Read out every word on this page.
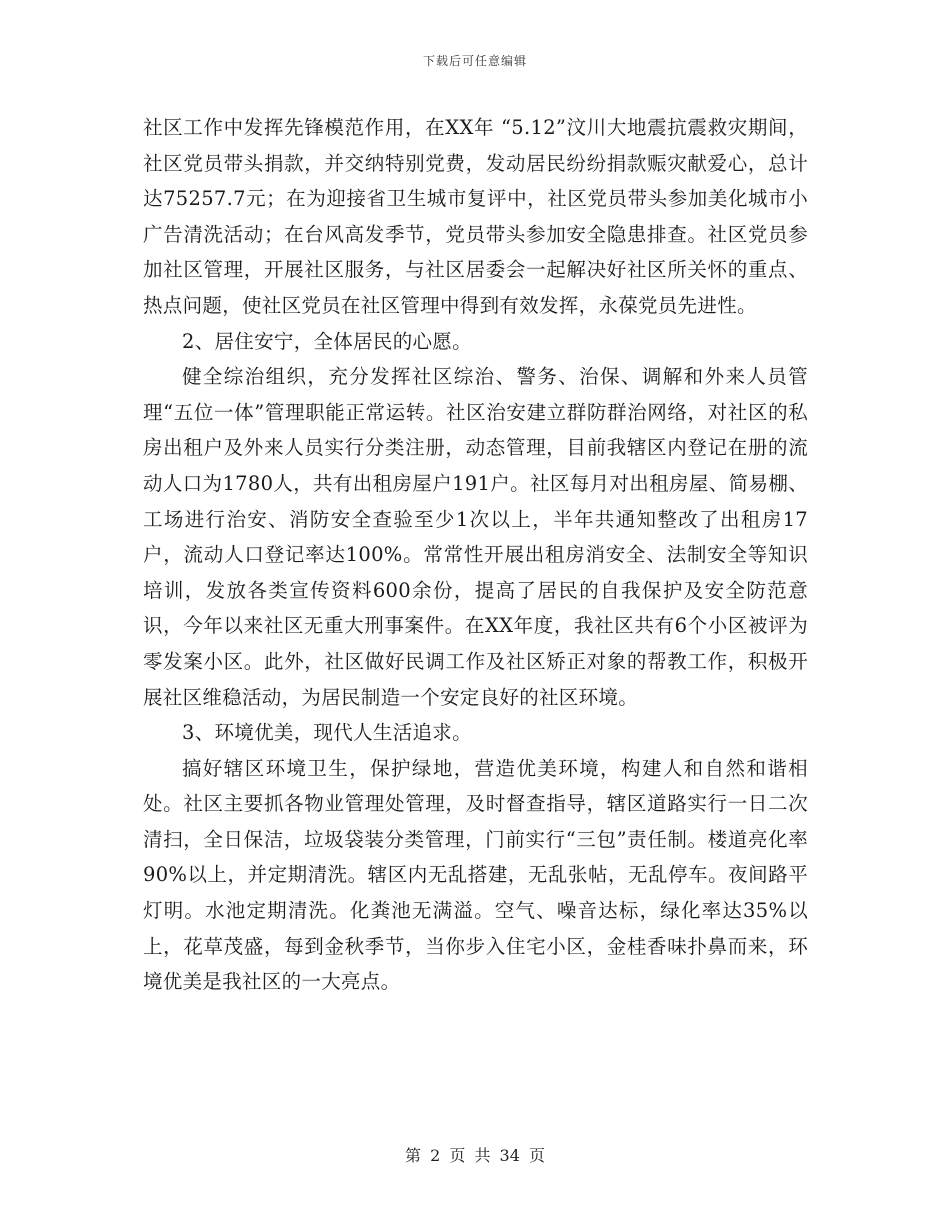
下载后可任意编辑

社区工作中发挥先锋模范作用，在XX年 “5.12”汶川大地震抗震救灾期间，社区党员带头捐款，并交纳特别党费，发动居民纷纷捐款赈灾献爱心，总计达75257.7元；在为迎接省卫生城市复评中，社区党员带头参加美化城市小广告清洗活动；在台风高发季节，党员带头参加安全隐患排查。社区党员参加社区管理，开展社区服务，与社区居委会一起解决好社区所关怀的重点、热点问题，使社区党员在社区管理中得到有效发挥，永葆党员先进性。

2、居住安宁，全体居民的心愿。

健全综治组织，充分发挥社区综治、警务、治保、调解和外来人员管理“五位一体”管理职能正常运转。社区治安建立群防群治网络，对社区的私房出租户及外来人员实行分类注册，动态管理，目前我辖区内登记在册的流动人口为1780人，共有出租房屋户191户。社区每月对出租房屋、简易棚、工场进行治安、消防安全查验至少1次以上，半年共通知整改了出租房17户，流动人口登记率达100%。常常性开展出租房消安全、法制安全等知识培训，发放各类宣传资料600余份，提高了居民的自我保护及安全防范意识，今年以来社区无重大刑事案件。在XX年度，我社区共有6个小区被评为零发案小区。此外，社区做好民调工作及社区矫正对象的帮教工作，积极开展社区维稳活动，为居民制造一个安定良好的社区环境。

3、环境优美，现代人生活追求。

搞好辖区环境卫生，保护绿地，营造优美环境，构建人和自然和谐相处。社区主要抓各物业管理处管理，及时督查指导，辖区道路实行一日二次清扫，全日保洁，垃圾袋装分类管理，门前实行“三包”责任制。楼道亮化率90%以上，并定期清洗。辖区内无乱搭建，无乱张帖，无乱停车。夜间路平灯明。水池定期清洗。化粪池无满溢。空气、噪音达标，绿化率达35%以上，花草茂盛，每到金秋季节，当你步入住宅小区，金桂香味扑鼻而来，环境优美是我社区的一大亮点。

第 2 页 共 34 页
